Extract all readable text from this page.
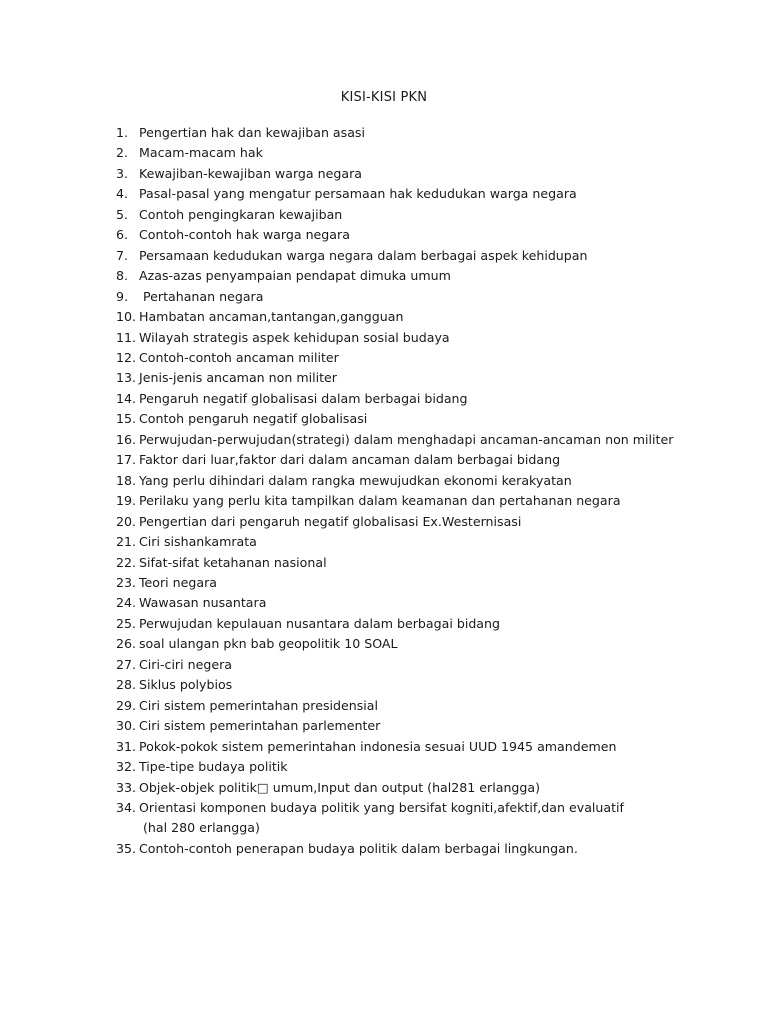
KISI-KISI PKN
1. Pengertian hak dan kewajiban asasi
2. Macam-macam hak
3. Kewajiban-kewajiban warga negara
4. Pasal-pasal yang mengatur persamaan hak kedudukan warga negara
5. Contoh pengingkaran kewajiban
6. Contoh-contoh hak warga negara
7. Persamaan kedudukan warga negara dalam berbagai aspek kehidupan
8. Azas-azas penyampaian pendapat dimuka umum
9. Pertahanan negara
10. Hambatan ancaman,tantangan,gangguan
11. Wilayah strategis aspek kehidupan sosial budaya
12. Contoh-contoh ancaman militer
13. Jenis-jenis ancaman non militer
14. Pengaruh negatif globalisasi dalam berbagai bidang
15. Contoh pengaruh negatif globalisasi
16. Perwujudan-perwujudan(strategi) dalam menghadapi ancaman-ancaman non militer
17. Faktor dari luar,faktor dari dalam ancaman dalam berbagai bidang
18. Yang perlu dihindari dalam rangka mewujudkan ekonomi kerakyatan
19. Perilaku yang perlu kita tampilkan dalam keamanan dan pertahanan negara
20. Pengertian dari pengaruh negatif globalisasi Ex.Westernisasi
21. Ciri sishankamrata
22. Sifat-sifat ketahanan nasional
23. Teori negara
24. Wawasan nusantara
25. Perwujudan kepulauan nusantara dalam berbagai bidang
26. soal ulangan pkn bab geopolitik 10 SOAL
27. Ciri-ciri negera
28. Siklus polybios
29. Ciri sistem pemerintahan presidensial
30. Ciri sistem pemerintahan parlementer
31. Pokok-pokok sistem pemerintahan indonesia sesuai UUD 1945 amandemen
32. Tipe-tipe budaya politik
33. Objek-objek politik□ umum,Input dan output (hal281 erlangga)
34. Orientasi komponen budaya politik yang bersifat kogniti,afektif,dan evaluatif
(hal 280 erlangga)
35. Contoh-contoh penerapan budaya politik dalam berbagai lingkungan.
